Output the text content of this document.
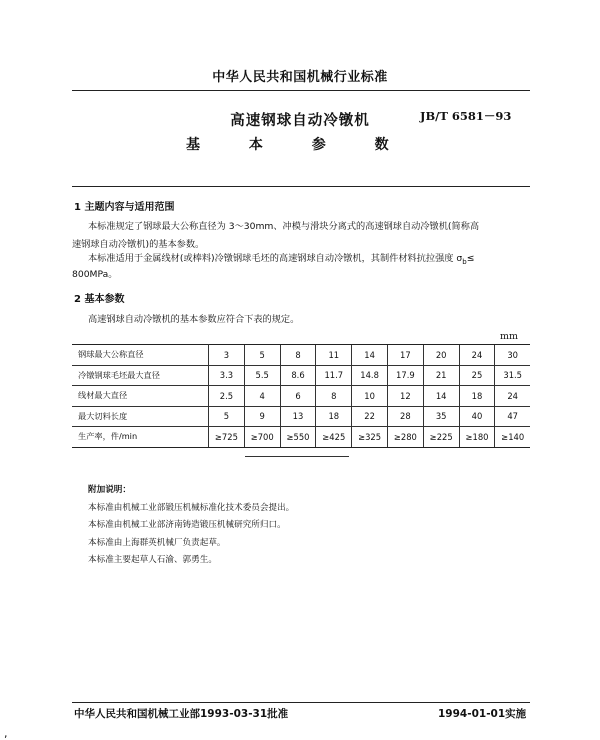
中华人民共和国机械行业标准
高速钢球自动冷镦机	JB/T 6581－93
基 本 参 数
1 主题内容与适用范围
本标准规定了钢球最大公称直径为 3～30mm、冲模与滑块分离式的高速钢球自动冷镦机(简称高
速钢球自动冷镦机)的基本参数。
本标准适用于金属线材(或棒料)冷镦钢球毛坯的高速钢球自动冷镦机，其制件材料抗拉强度 $\sigma_b\le$
800MPa。
2 基本参数
高速钢球自动冷镦机的基本参数应符合下表的规定。
mm
钢球最大公称直径	3	5	8	11	14	17	20	24	30
冷镦钢球毛坯最大直径	3.3	5.5	8.6	11.7	14.8	17.9	21	25	31.5
线材最大直径	2.5	4	6	8	10	12	14	18	24
最大切料长度	5	9	13	18	22	28	35	40	47
生产率，件/min	≥725	≥700	≥550	≥425	≥325	≥280	≥225	≥180	≥140
附加说明：
本标准由机械工业部锻压机械标准化技术委员会提出。
本标准由机械工业部济南铸造锻压机械研究所归口。
本标准由上海群英机械厂负责起草。
本标准主要起草人石渝、郭勇生。
中华人民共和国机械工业部1993-03-31批准	1994-01-01实施
,
